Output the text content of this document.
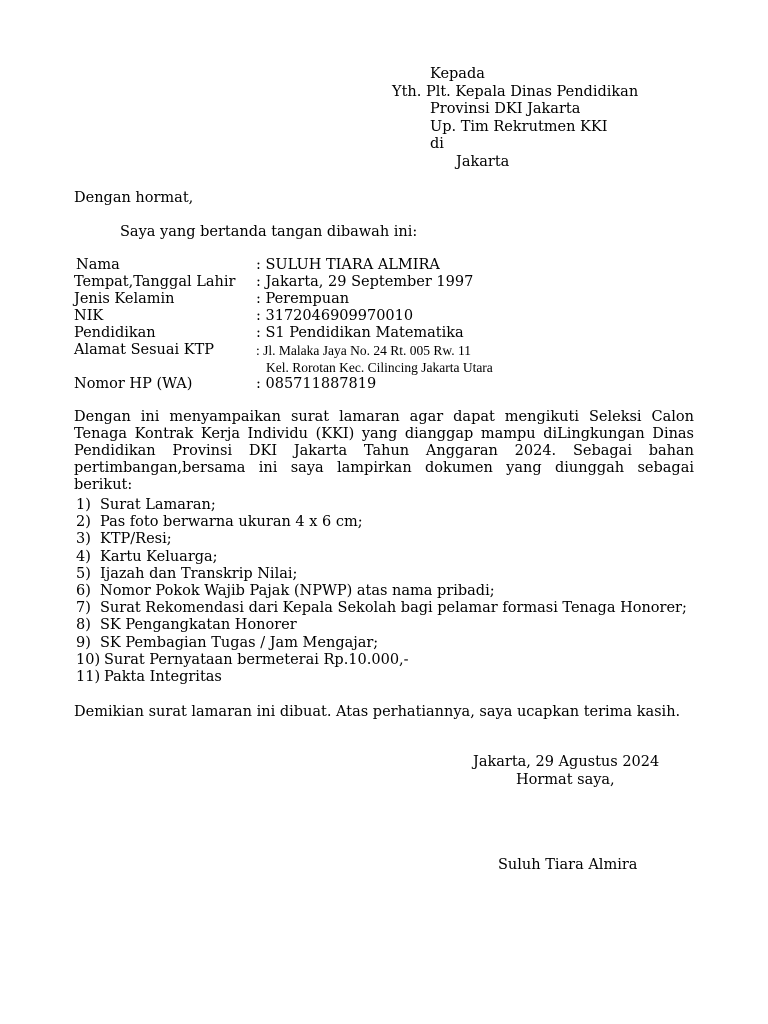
Kepada
Yth. Plt. Kepala Dinas Pendidikan
Provinsi DKI Jakarta
Up. Tim Rekrutmen KKI
di
Jakarta
Dengan hormat,
Saya yang bertanda tangan dibawah ini:
Nama	: SULUH TIARA ALMIRA
Tempat,Tanggal Lahir : Jakarta, 29 September 1997
Jenis Kelamin	: Perempuan
NIK	: 3172046909970010
Pendidikan	: S1 Pendidikan Matematika
Alamat Sesuai KTP	: Jl. Malaka Jaya No. 24 Rt. 005 Rw. 11
Kel. Rorotan Kec. Cilincing Jakarta Utara
Nomor HP (WA)	: 085711887819

Dengan ini menyampaikan surat lamaran agar dapat mengikuti Seleksi Calon Tenaga Kontrak Kerja Individu (KKI) yang dianggap mampu diLingkungan Dinas Pendidikan Provinsi DKI Jakarta Tahun Anggaran 2024. Sebagai bahan pertimbangan,bersama ini saya lampirkan dokumen yang diunggah sebagai berikut:

1) Surat Lamaran;
2) Pas foto berwarna ukuran 4 x 6 cm;
3) KTP/Resi;
4) Kartu Keluarga;
5) Ijazah dan Transkrip Nilai;
6) Nomor Pokok Wajib Pajak (NPWP) atas nama pribadi;
7) Surat Rekomendasi dari Kepala Sekolah bagi pelamar formasi Tenaga Honorer;
8) SK Pengangkatan Honorer
9) SK Pembagian Tugas / Jam Mengajar;
10) Surat Pernyataan bermeterai Rp.10.000,-
11) Pakta Integritas
Demikian surat lamaran ini dibuat. Atas perhatiannya, saya ucapkan terima kasih.
Jakarta, 29 Agustus 2024
Hormat saya,
Suluh Tiara Almira
